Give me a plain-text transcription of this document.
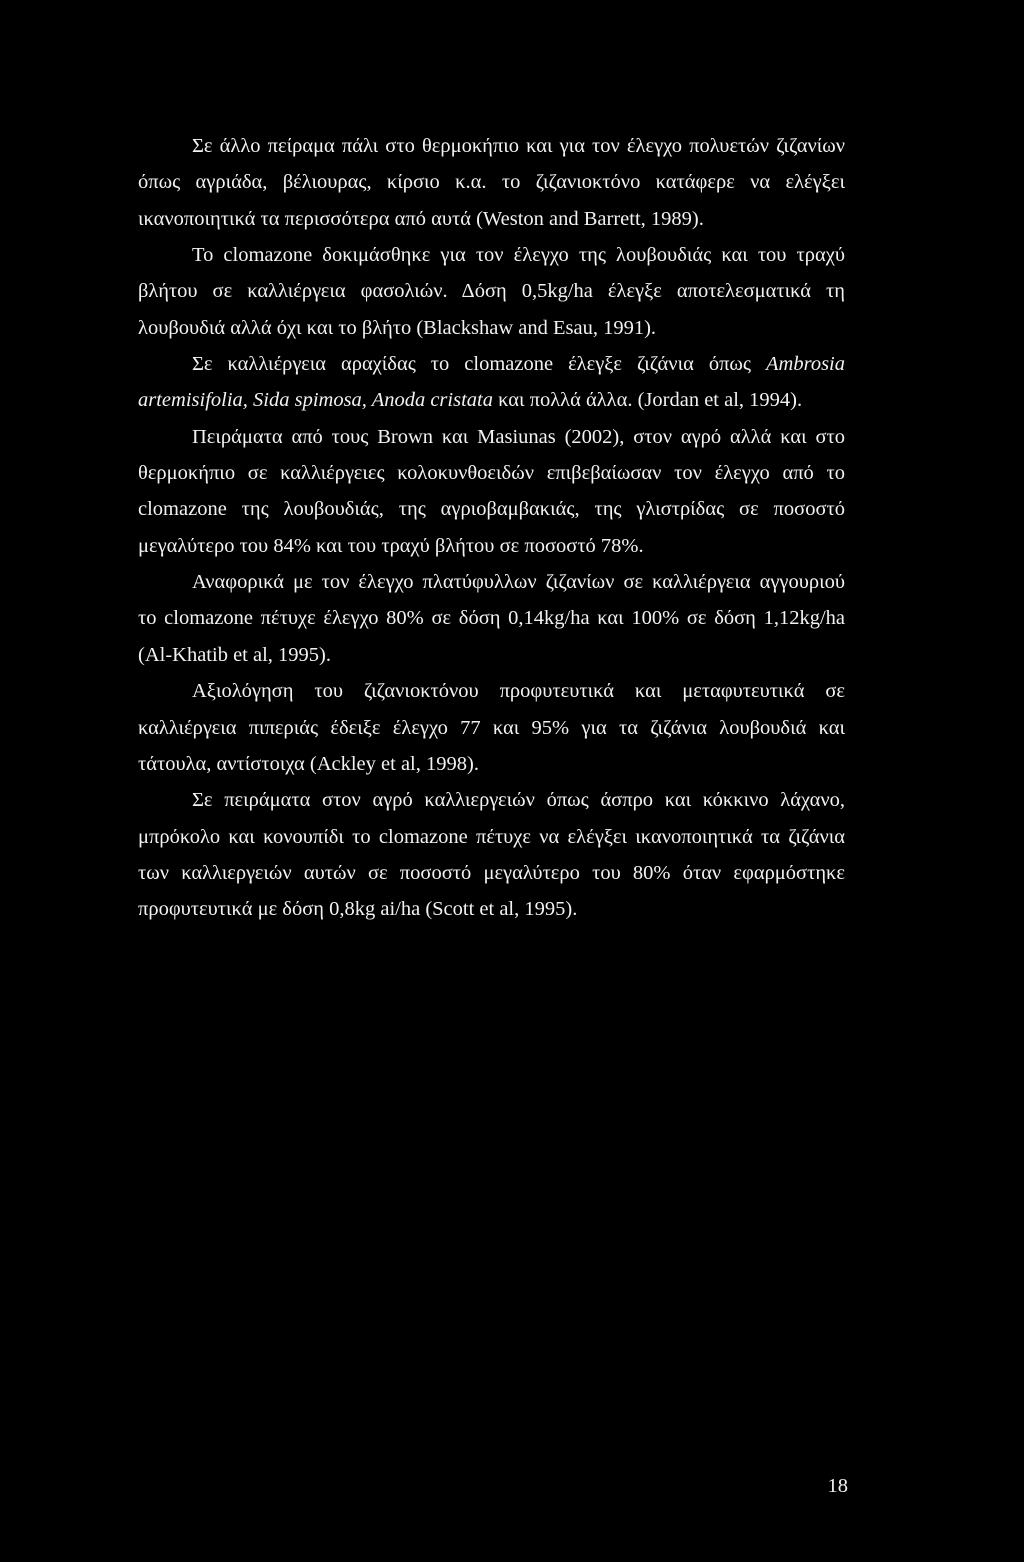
Σε άλλο πείραμα πάλι στο θερμοκήπιο και για τον έλεγχο πολυετών ζιζανίων
όπως αγριάδα, βέλιουρας, κίρσιο κ.α. το ζιζανιοκτόνο κατάφερε να ελέγξει
ικανοποιητικά τα περισσότερα από αυτά (Weston and Barrett, 1989).
To clomazone δοκιμάσθηκε για τον έλεγχο της λουβουδιάς και του τραχύ
βλήτου σε καλλιέργεια φασολιών. Δόση 0,5kg/ha έλεγξε αποτελεσματικά τη
λουβουδιά αλλά όχι και το βλήτο (Blackshaw and Esau, 1991).
Σε καλλιέργεια αραχίδας το clomazone έλεγξε ζιζάνια όπως Ambrosia
artemisifolia, Sida spimosa, Anoda cristata και πολλά άλλα. (Jordan et al, 1994).
Πειράματα από τους Brown και Masiunas (2002), στον αγρό αλλά και στο
θερμοκήπιο σε καλλιέργειες κολοκυνθοειδών επιβεβαίωσαν τον έλεγχο από το
clomazone της λουβουδιάς, της αγριοβαμβακιάς, της γλιστρίδας σε ποσοστό
μεγαλύτερο του 84% και του τραχύ βλήτου σε ποσοστό 78%.
Αναφορικά με τον έλεγχο πλατύφυλλων ζιζανίων σε καλλιέργεια αγγουριού
το clomazone πέτυχε έλεγχο 80% σε δόση 0,14kg/ha και 100% σε δόση 1,12kg/ha
(Al-Khatib et al, 1995).
Αξιολόγηση του ζιζανιοκτόνου προφυτευτικά και μεταφυτευτικά σε
καλλιέργεια πιπεριάς έδειξε έλεγχο 77 και 95% για τα ζιζάνια λουβουδιά και
τάτουλα, αντίστοιχα (Ackley et al, 1998).
Σε πειράματα στον αγρό καλλιεργειών όπως άσπρο και κόκκινο λάχανο,
μπρόκολο και κονουπίδι το clomazone πέτυχε να ελέγξει ικανοποιητικά τα ζιζάνια
των καλλιεργειών αυτών σε ποσοστό μεγαλύτερο του 80% όταν εφαρμόστηκε
προφυτευτικά με δόση 0,8kg ai/ha (Scott et al, 1995).
18
